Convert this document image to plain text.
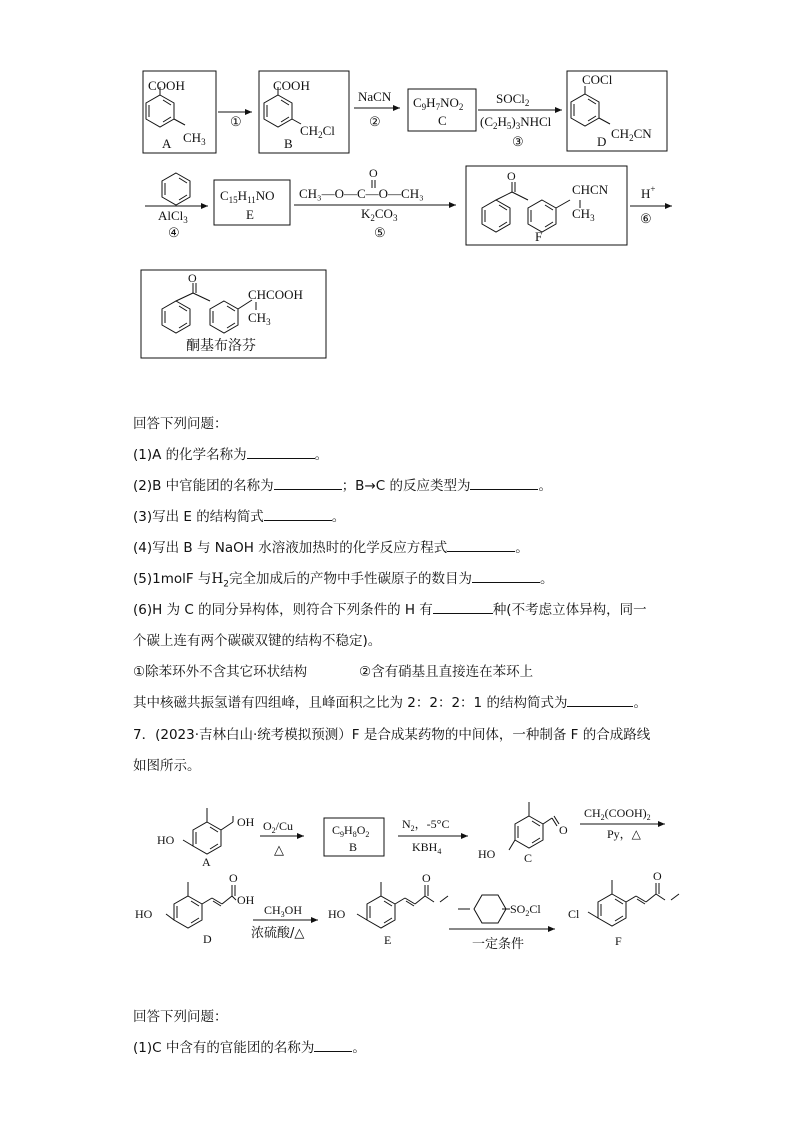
COOH
$CH_3$
A
①
COOH
$CH_2Cl$
B
NaCN
②
$C_9H_7NO_2$
C
SOCl$_2$
$(C_2H_5)_3NHCl$
③
COCl
$CH_2CN$
D
AlCl$_3$
④
$C_{15}H_{11}NO$
E
O
CH₃—O—C—O—CH₃
$K_2CO_3$
⑤
O
CHCN
$CH_3$
F
H+
⑥
O
CHCOOH
$CH_3$
酮基布洛芬
回答下列问题：
(1)A 的化学名称为	。
(2)B 中官能团的名称为	；B→C 的反应类型为	。
(3)写出 E 的结构简式	。
(4)写出 B 与 NaOH 水溶液加热时的化学反应方程式	。
(5)1molF 与$H_2$完全加成后的产物中手性碳原子的数目为	。
(6)H 为 C 的同分异构体，则符合下列条件的 H 有	种(不考虑立体异构，同一
个碳上连有两个碳碳双键的结构不稳定)。
①除苯环外不含其它环状结构	②含有硝基且直接连在苯环上
其中核磁共振氢谱有四组峰，且峰面积之比为 2：2：2：1 的结构简式为	。
7．(2023·吉林白山·统考模拟预测）F 是合成某药物的中间体，一种制备 F 的合成路线
如图所示。
HO
OH
A
$O_2/Cu$
△
$C_9H_8O_2$
B
$N_2$，-5°C
$KBH_4$	HO
O
C
$CH_2(COOH)_2$
Py，△
HO
O
OH
D
$CH_3OH$
浓硫酸/△
HO
O
E
$SO_2Cl$
一定条件
Cl
O
F
回答下列问题：
(1)C 中含有的官能团的名称为	。
